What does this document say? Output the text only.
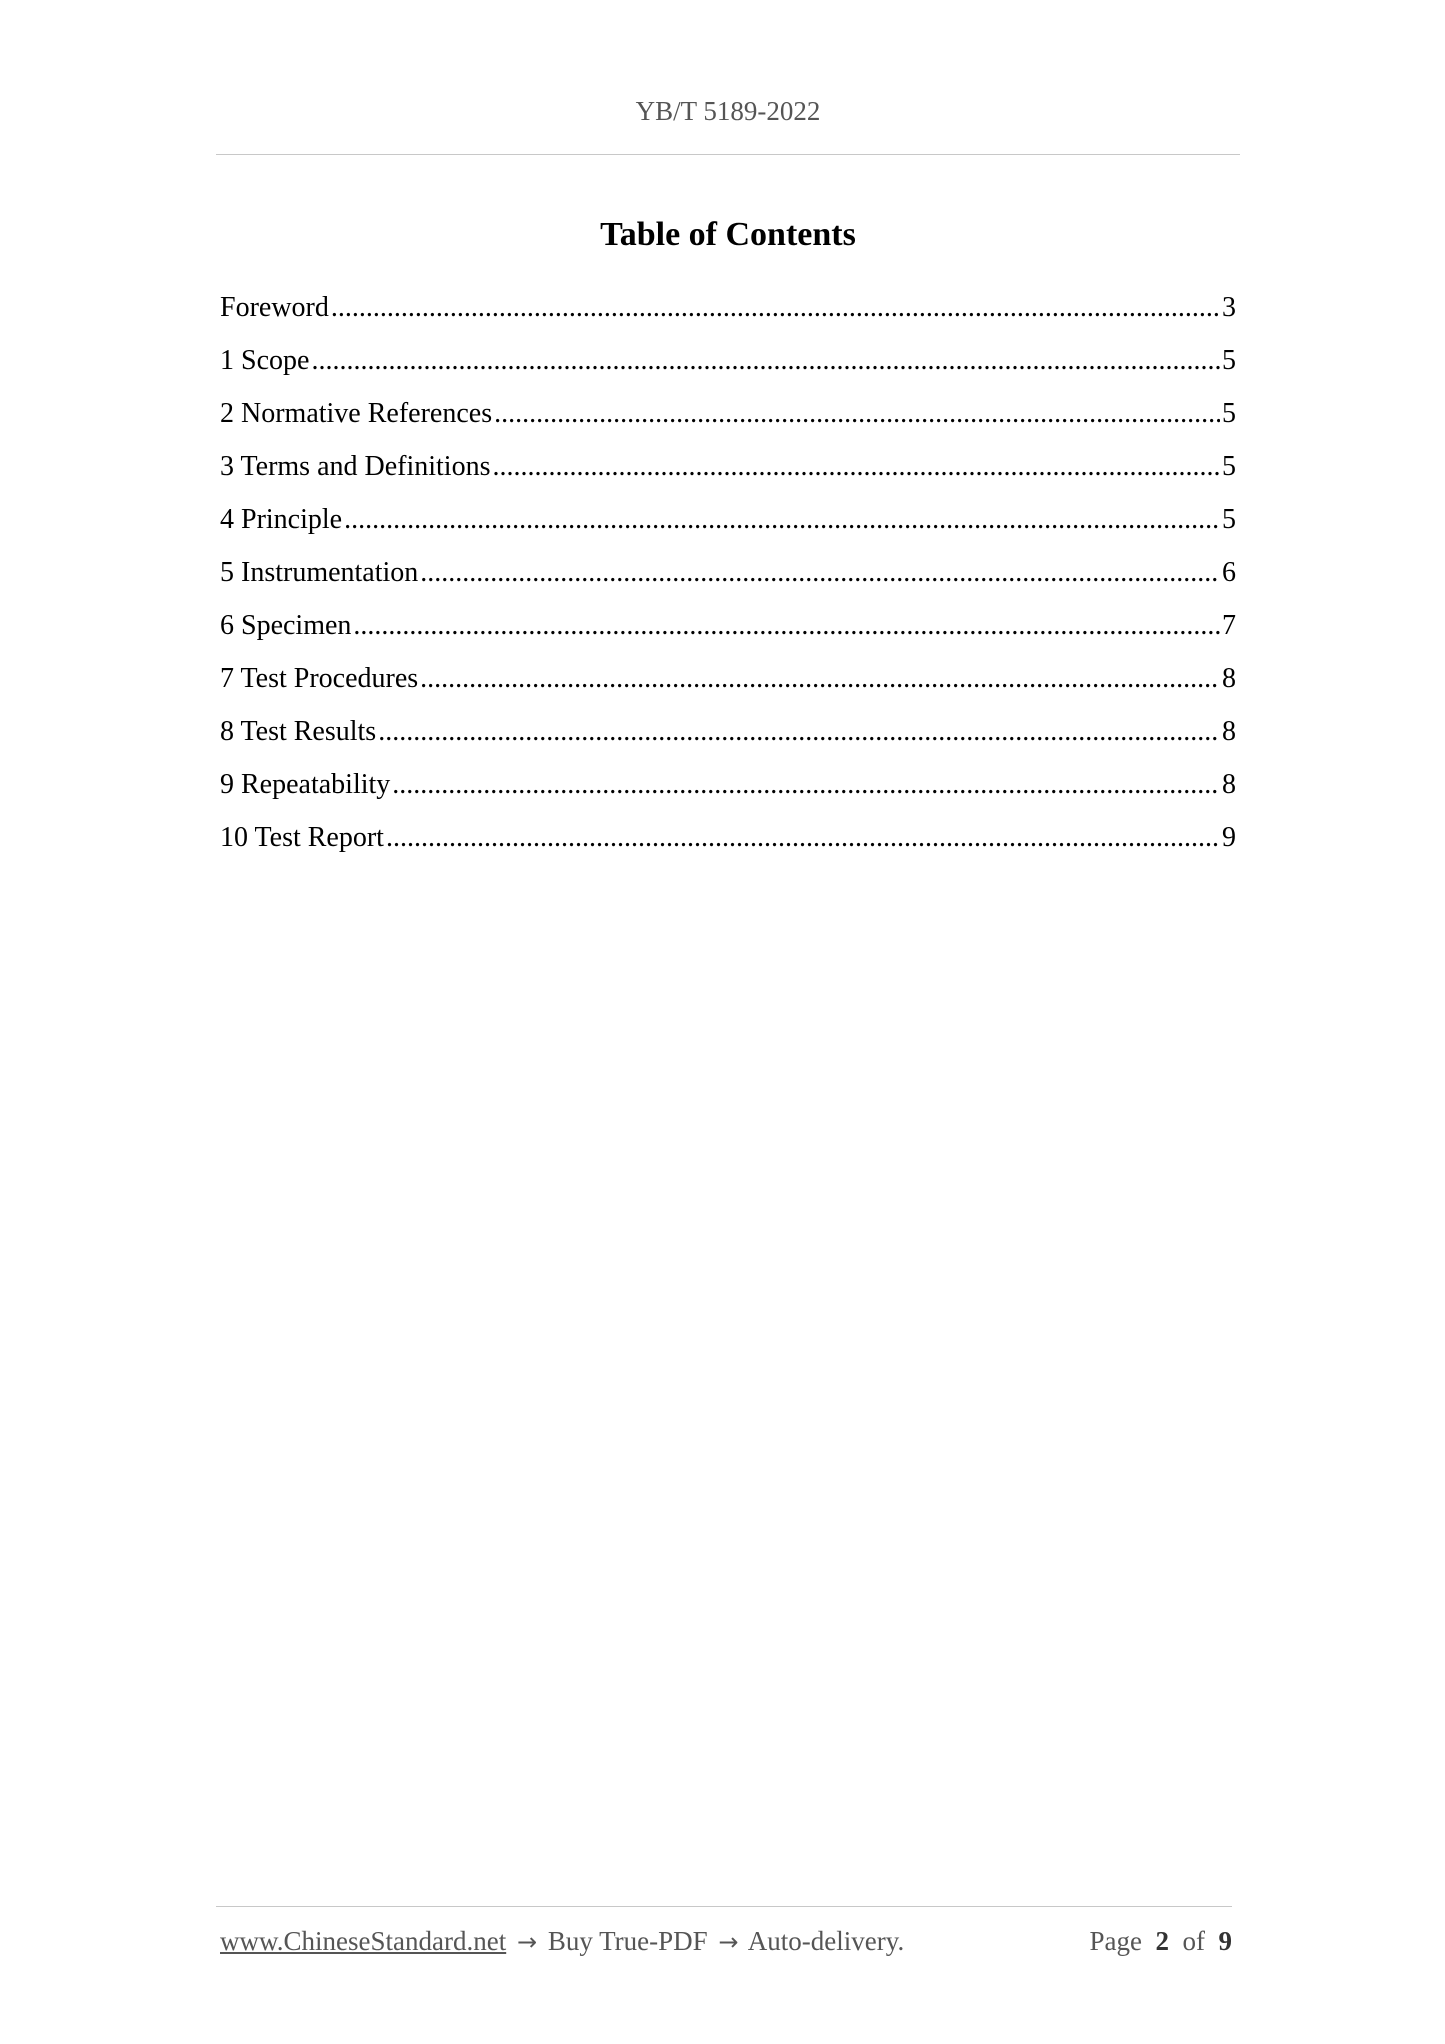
YB/T 5189-2022
Table of Contents
Foreword .....	3
1 Scope .....	5
2 Normative References .....	5
3 Terms and Definitions .....	5
4 Principle .....	5
5 Instrumentation .....	6
6 Specimen .....	7
7 Test Procedures .....	8
8 Test Results .....	8
9 Repeatability .....	8
10 Test Report .....	9
www.ChineseStandard.net → Buy True-PDF → Auto-delivery.	Page 2 of 9
